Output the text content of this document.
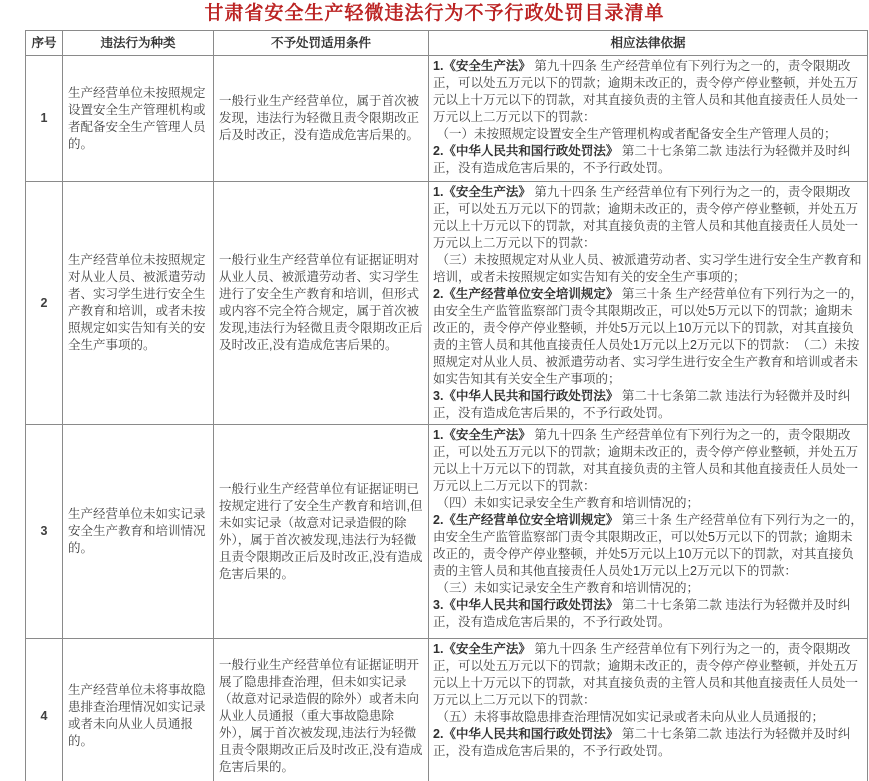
甘肃省安全生产轻微违法行为不予行政处罚目录清单
序号	违法行为种类	不予处罚适用条件	相应法律依据
1	生产经营单位未按照规定设置安全生产管理机构或者配备安全生产管理人员的。	一般行业生产经营单位，属于首次被发现，违法行为轻微且责令限期改正后及时改正，没有造成危害后果的。	1.《安全生产法》 第九十四条 生产经营单位有下列行为之一的，责令限期改正，可以处五万元以下的罚款；逾期未改正的，责令停产停业整顿，并处五万元以上十万元以下的罚款，对其直接负责的主管人员和其他直接责任人员处一万元以上二万元以下的罚款：
（一）未按照规定设置安全生产管理机构或者配备安全生产管理人员的；
2.《中华人民共和国行政处罚法》 第二十七条第二款 违法行为轻微并及时纠正，没有造成危害后果的，不予行政处罚。

2	生产经营单位未按照规定对从业人员、被派遣劳动者、实习学生进行安全生产教育和培训，或者未按照规定如实告知有关的安全生产事项的。	一般行业生产经营单位有证据证明对从业人员、被派遣劳动者、实习学生进行了安全生产教育和培训，但形式或内容不完全符合规定，属于首次被发现,违法行为轻微且责令限期改正后及时改正,没有造成危害后果的。	1.《安全生产法》 第九十四条 生产经营单位有下列行为之一的，责令限期改正，可以处五万元以下的罚款；逾期未改正的，责令停产停业整顿，并处五万元以上十万元以下的罚款，对其直接负责的主管人员和其他直接责任人员处一万元以上二万元以下的罚款：
（三）未按照规定对从业人员、被派遣劳动者、实习学生进行安全生产教育和培训，或者未按照规定如实告知有关的安全生产事项的；
2.《生产经营单位安全培训规定》 第三十条 生产经营单位有下列行为之一的，由安全生产监管监察部门责令其限期改正，可以处5万元以下的罚款；逾期未改正的，责令停产停业整顿，并处5万元以上10万元以下的罚款，对其直接负责的主管人员和其他直接责任人员处1万元以上2万元以下的罚款：　（二）未按照规定对从业人员、被派遣劳动者、实习学生进行安全生产教育和培训或者未如实告知其有关安全生产事项的；
3.《中华人民共和国行政处罚法》 第二十七条第二款 违法行为轻微并及时纠正，没有造成危害后果的，不予行政处罚。

3	生产经营单位未如实记录安全生产教育和培训情况的。	一般行业生产经营单位有证据证明已按规定进行了安全生产教育和培训,但未如实记录（故意对记录造假的除外），属于首次被发现,违法行为轻微且责令限期改正后及时改正,没有造成危害后果的。	1.《安全生产法》 第九十四条 生产经营单位有下列行为之一的，责令限期改正，可以处五万元以下的罚款；逾期未改正的，责令停产停业整顿，并处五万元以上十万元以下的罚款，对其直接负责的主管人员和其他直接责任人员处一万元以上二万元以下的罚款：
（四）未如实记录安全生产教育和培训情况的；
2.《生产经营单位安全培训规定》 第三十条 生产经营单位有下列行为之一的，由安全生产监管监察部门责令其限期改正，可以处5万元以下的罚款；逾期未改正的，责令停产停业整顿，并处5万元以上10万元以下的罚款，对其直接负责的主管人员和其他直接责任人员处1万元以上2万元以下的罚款：
（三）未如实记录安全生产教育和培训情况的；
3.《中华人民共和国行政处罚法》 第二十七条第二款 违法行为轻微并及时纠正，没有造成危害后果的，不予行政处罚。

4	生产经营单位未将事故隐患排查治理情况如实记录或者未向从业人员通报的。	一般行业生产经营单位有证据证明开展了隐患排查治理，但未如实记录（故意对记录造假的除外）或者未向从业人员通报（重大事故隐患除外），属于首次被发现,违法行为轻微且责令限期改正后及时改正,没有造成危害后果的。	1.《安全生产法》 第九十四条 生产经营单位有下列行为之一的，责令限期改正，可以处五万元以下的罚款；逾期未改正的，责令停产停业整顿，并处五万元以上十万元以下的罚款，对其直接负责的主管人员和其他直接责任人员处一万元以上二万元以下的罚款：
（五）未将事故隐患排查治理情况如实记录或者未向从业人员通报的；
2.《中华人民共和国行政处罚法》 第二十七条第二款 违法行为轻微并及时纠正，没有造成危害后果的，不予行政处罚。
